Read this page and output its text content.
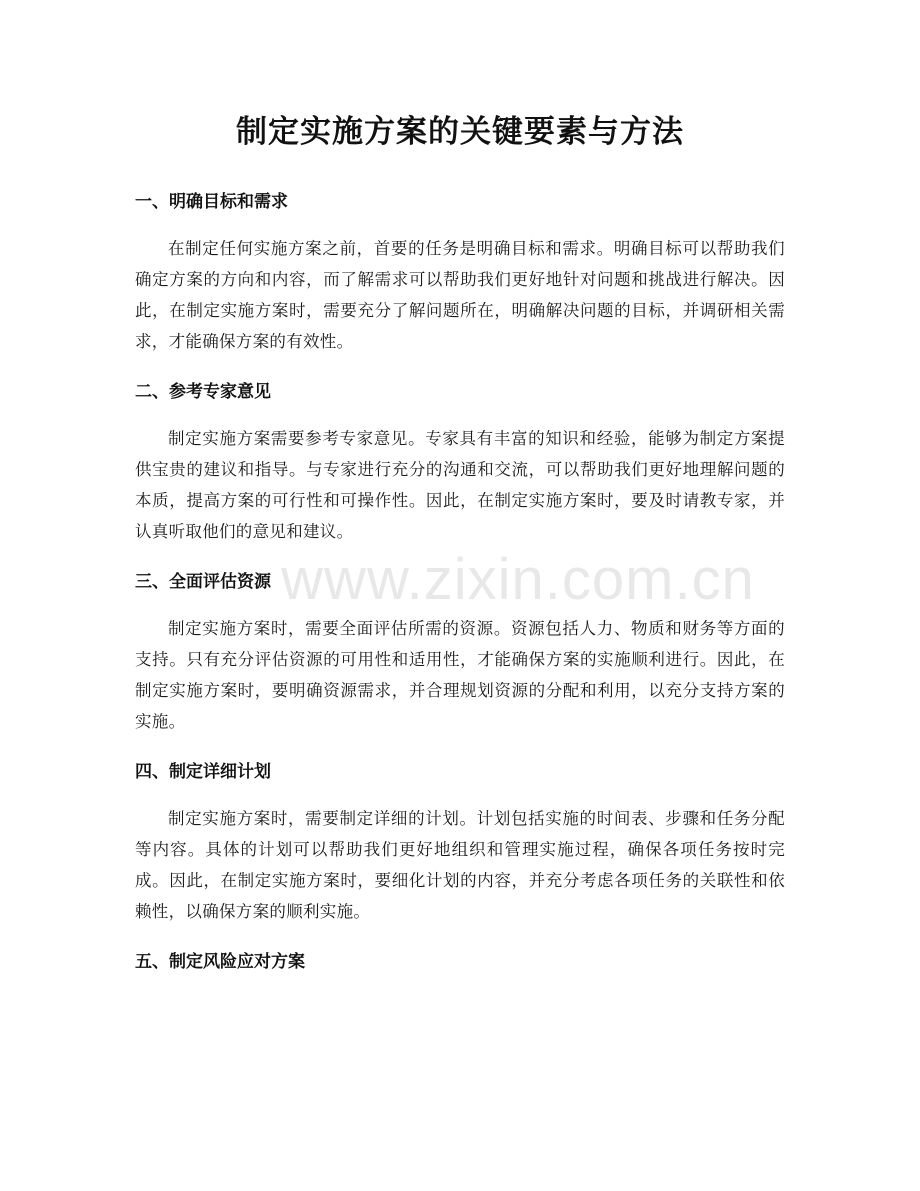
制定实施方案的关键要素与方法
一、明确目标和需求

在制定任何实施方案之前，首要的任务是明确目标和需求。明确目标可以帮助我们确定方案的方向和内容，而了解需求可以帮助我们更好地针对问题和挑战进行解决。因此，在制定实施方案时，需要充分了解问题所在，明确解决问题的目标，并调研相关需求，才能确保方案的有效性。

二、参考专家意见

制定实施方案需要参考专家意见。专家具有丰富的知识和经验，能够为制定方案提供宝贵的建议和指导。与专家进行充分的沟通和交流，可以帮助我们更好地理解问题的本质，提高方案的可行性和可操作性。因此，在制定实施方案时，要及时请教专家，并认真听取他们的意见和建议。

三、全面评估资源

制定实施方案时，需要全面评估所需的资源。资源包括人力、物质和财务等方面的支持。只有充分评估资源的可用性和适用性，才能确保方案的实施顺利进行。因此，在制定实施方案时，要明确资源需求，并合理规划资源的分配和利用，以充分支持方案的实施。

四、制定详细计划

制定实施方案时，需要制定详细的计划。计划包括实施的时间表、步骤和任务分配等内容。具体的计划可以帮助我们更好地组织和管理实施过程，确保各项任务按时完成。因此，在制定实施方案时，要细化计划的内容，并充分考虑各项任务的关联性和依赖性，以确保方案的顺利实施。

五、制定风险应对方案
www.zixin.com.cn
